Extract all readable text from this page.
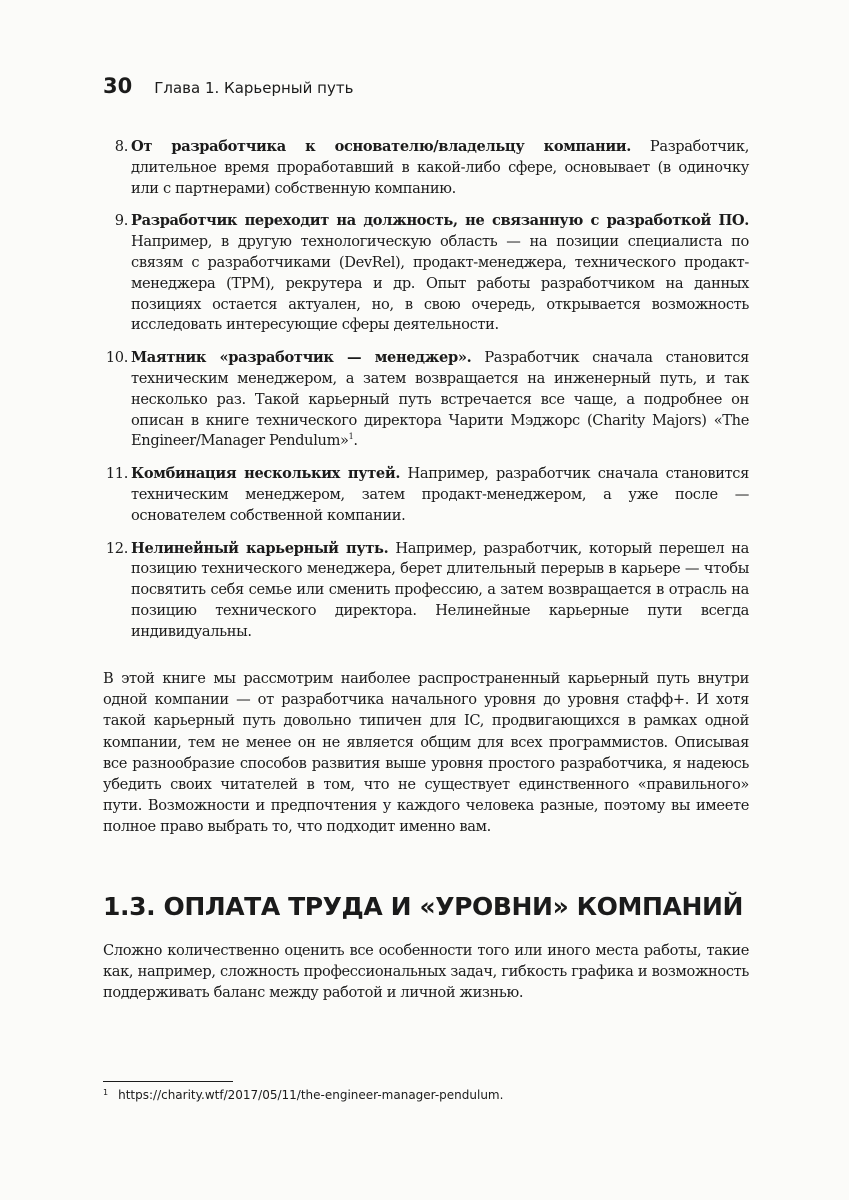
30 Глава 1. Карьерный путь
8. От разработчика к основателю/владельцу компании. Разработчик, длительное время проработавший в какой-либо сфере, основывает (в одиночку или с партнерами) собственную компанию.
9. Разработчик переходит на должность, не связанную с разработкой ПО. Например, в другую технологическую область — на позиции специалиста по связям с разработчиками (DevRel), продакт-менеджера, технического продакт-менеджера (TPM), рекрутера и др. Опыт работы разработчиком на данных позициях остается актуален, но, в свою очередь, открывается возможность исследовать интересующие сферы деятельности.
10. Маятник «разработчик — менеджер». Разработчик сначала становится техническим менеджером, а затем возвращается на инженерный путь, и так несколько раз. Такой карьерный путь встречается все чаще, а подробнее он описан в книге технического директора Чарити Мэджорс (Charity Majors) «The Engineer/Manager Pendulum»$^1$.
11. Комбинация нескольких путей. Например, разработчик сначала становится техническим менеджером, затем продакт-менеджером, а уже после — основателем собственной компании.
12. Нелинейный карьерный путь. Например, разработчик, который перешел на позицию технического менеджера, берет длительный перерыв в карьере — чтобы посвятить себя семье или сменить профессию, а затем возвращается в отрасль на позицию технического директора. Нелинейные карьерные пути всегда индивидуальны.

В этой книге мы рассмотрим наиболее распространенный карьерный путь внутри одной компании — от разработчика начального уровня до уровня стафф+. И хотя такой карьерный путь довольно типичен для IC, продвигающихся в рамках одной компании, тем не менее он не является общим для всех программистов. Описывая все разнообразие способов развития выше уровня простого разработчика, я надеюсь убедить своих читателей в том, что не существует единственного «правильного» пути. Возможности и предпочтения у каждого человека разные, поэтому вы имеете полное право выбрать то, что подходит именно вам.

1.3. ОПЛАТА ТРУДА И «УРОВНИ» КОМПАНИЙ

Сложно количественно оценить все особенности того или иного места работы, такие как, например, сложность профессиональных задач, гибкость графика и возможность поддерживать баланс между работой и личной жизнью.

$^1$ https://charity.wtf/2017/05/11/the-engineer-manager-pendulum.
